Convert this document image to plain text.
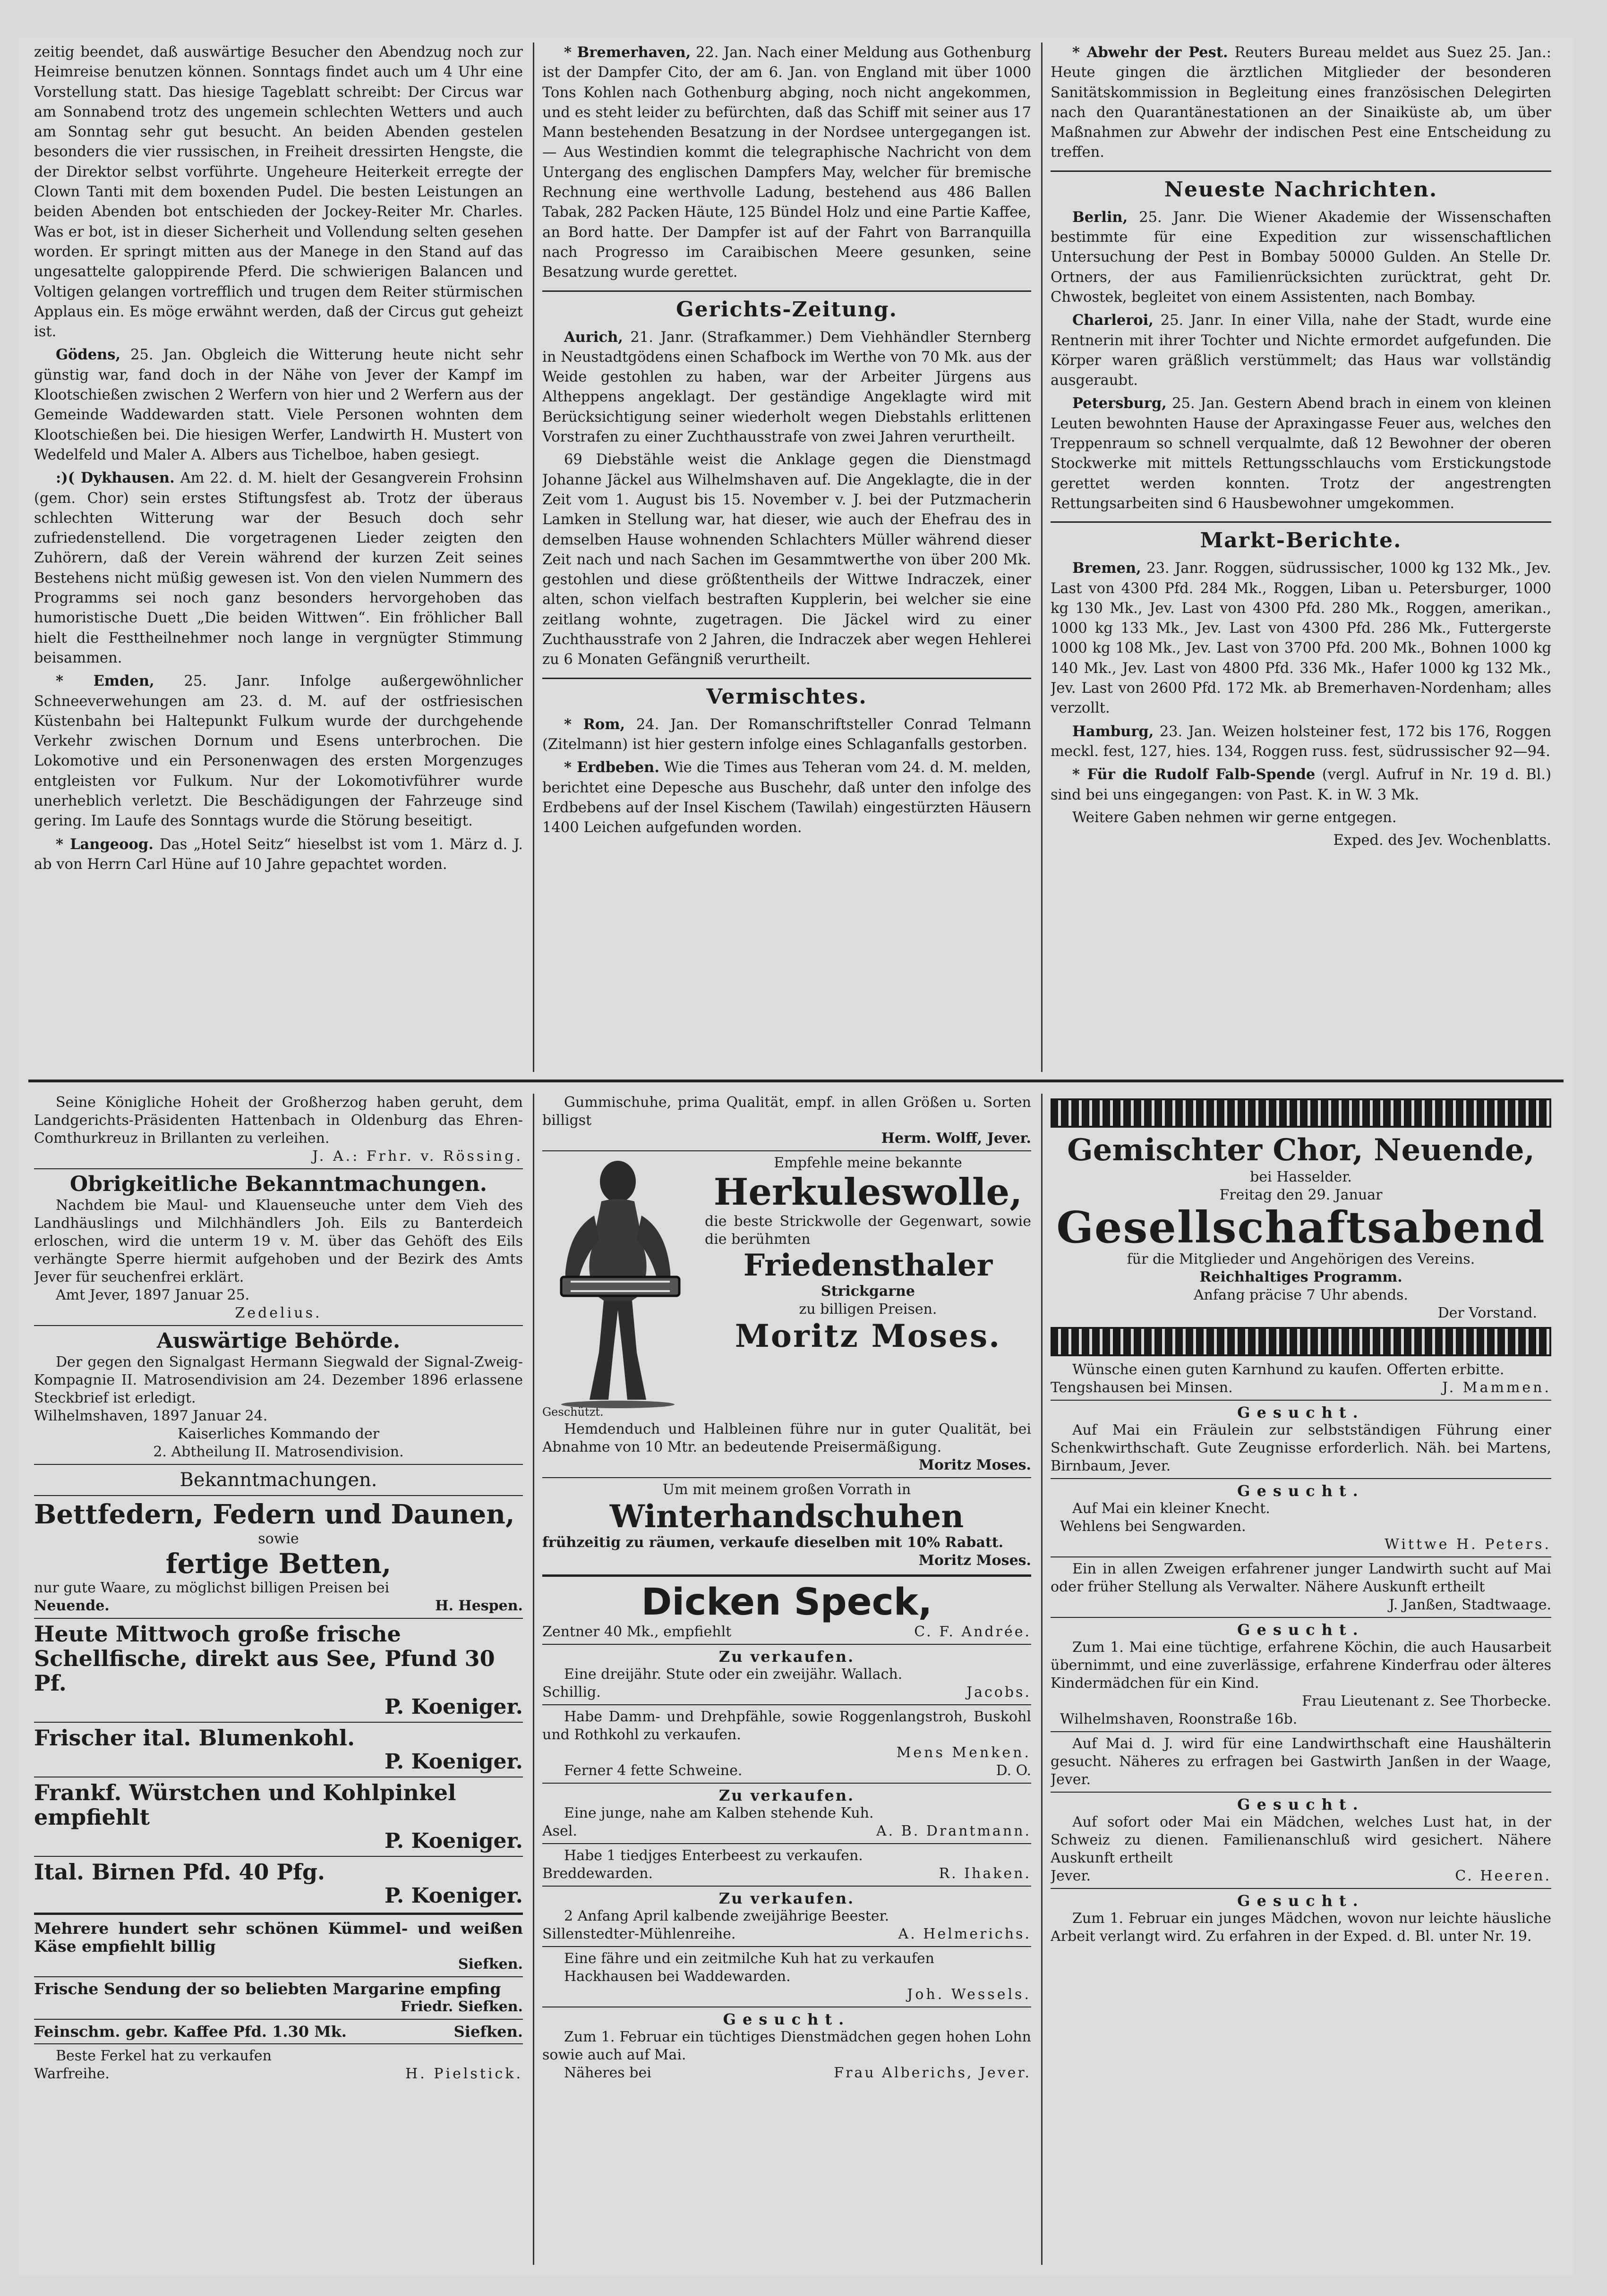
zeitig beendet, daß auswärtige Besucher den Abendzug noch zur Heimreise benutzen können. Sonntags findet auch um 4 Uhr eine Vorstellung statt. Das hiesige Tageblatt schreibt: Der Circus war am Sonnabend trotz des ungemein schlechten Wetters und auch am Sonntag sehr gut besucht. An beiden Abenden gestelen besonders die vier russischen, in Freiheit dressirten Hengste, die der Direktor selbst vorführte. Ungeheure Heiterkeit erregte der Clown Tanti mit dem boxenden Pudel. Die besten Leistungen an beiden Abenden bot entschieden der Jockey-Reiter Mr. Charles. Was er bot, ist in dieser Sicherheit und Vollendung selten gesehen worden. Er springt mitten aus der Manege in den Stand auf das ungesattelte galoppirende Pferd. Die schwierigen Balancen und Voltigen gelangen vortrefflich und trugen dem Reiter stürmischen Applaus ein. Es möge erwähnt werden, daß der Circus gut geheizt ist.

Gödens, 25. Jan. Obgleich die Witterung heute nicht sehr günstig war, fand doch in der Nähe von Jever der Kampf im Klootschießen zwischen 2 Werfern von hier und 2 Werfern aus der Gemeinde Waddewarden statt. Viele Personen wohnten dem Klootschießen bei. Die hiesigen Werfer, Landwirth H. Mustert von Wedelfeld und Maler A. Albers aus Tichelboe, haben gesiegt.

:)( Dykhausen. Am 22. d. M. hielt der Gesangverein Frohsinn (gem. Chor) sein erstes Stiftungsfest ab. Trotz der überaus schlechten Witterung war der Besuch doch sehr zufriedenstellend. Die vorgetragenen Lieder zeigten den Zuhörern, daß der Verein während der kurzen Zeit seines Bestehens nicht müßig gewesen ist. Von den vielen Nummern des Programms sei noch ganz besonders hervorgehoben das humoristische Duett „Die beiden Wittwen“. Ein fröhlicher Ball hielt die Festtheilnehmer noch lange in vergnügter Stimmung beisammen.

* Emden, 25. Janr. Infolge außergewöhnlicher Schneeverwehungen am 23. d. M. auf der ostfriesischen Küstenbahn bei Haltepunkt Fulkum wurde der durchgehende Verkehr zwischen Dornum und Esens unterbrochen. Die Lokomotive und ein Personenwagen des ersten Morgenzuges entgleisten vor Fulkum. Nur der Lokomotivführer wurde unerheblich verletzt. Die Beschädigungen der Fahrzeuge sind gering. Im Laufe des Sonntags wurde die Störung beseitigt.

* Langeoog. Das „Hotel Seitz“ hieselbst ist vom 1. März d. J. ab von Herrn Carl Hüne auf 10 Jahre gepachtet worden.

* Bremerhaven, 22. Jan. Nach einer Meldung aus Gothenburg ist der Dampfer Cito, der am 6. Jan. von England mit über 1000 Tons Kohlen nach Gothenburg abging, noch nicht angekommen, und es steht leider zu befürchten, daß das Schiff mit seiner aus 17 Mann bestehenden Besatzung in der Nordsee untergegangen ist. — Aus Westindien kommt die telegraphische Nachricht von dem Untergang des englischen Dampfers May, welcher für bremische Rechnung eine werthvolle Ladung, bestehend aus 486 Ballen Tabak, 282 Packen Häute, 125 Bündel Holz und eine Partie Kaffee, an Bord hatte. Der Dampfer ist auf der Fahrt von Barranquilla nach Progresso im Caraibischen Meere gesunken, seine Besatzung wurde gerettet.

Gerichts-Zeitung.

Aurich, 21. Janr. (Strafkammer.) Dem Viehhändler Sternberg in Neustadtgödens einen Schafbock im Werthe von 70 Mk. aus der Weide gestohlen zu haben, war der Arbeiter Jürgens aus Altheppens angeklagt. Der geständige Angeklagte wird mit Berücksichtigung seiner wiederholt wegen Diebstahls erlittenen Vorstrafen zu einer Zuchthausstrafe von zwei Jahren verurtheilt.

69 Diebstähle weist die Anklage gegen die Dienstmagd Johanne Jäckel aus Wilhelmshaven auf. Die Angeklagte, die in der Zeit vom 1. August bis 15. November v. J. bei der Putzmacherin Lamken in Stellung war, hat dieser, wie auch der Ehefrau des in demselben Hause wohnenden Schlachters Müller während dieser Zeit nach und nach Sachen im Gesammtwerthe von über 200 Mk. gestohlen und diese größtentheils der Wittwe Indraczek, einer alten, schon vielfach bestraften Kupplerin, bei welcher sie eine zeitlang wohnte, zugetragen. Die Jäckel wird zu einer Zuchthausstrafe von 2 Jahren, die Indraczek aber wegen Hehlerei zu 6 Monaten Gefängniß verurtheilt.

Vermischtes.

* Rom, 24. Jan. Der Romanschriftsteller Conrad Telmann (Zitelmann) ist hier gestern infolge eines Schlaganfalls gestorben.

* Erdbeben. Wie die Times aus Teheran vom 24. d. M. melden, berichtet eine Depesche aus Buschehr, daß unter den infolge des Erdbebens auf der Insel Kischem (Tawilah) eingestürzten Häusern 1400 Leichen aufgefunden worden.

* Abwehr der Pest. Reuters Bureau meldet aus Suez 25. Jan.: Heute gingen die ärztlichen Mitglieder der besonderen Sanitätskommission in Begleitung eines französischen Delegirten nach den Quarantänestationen an der Sinaiküste ab, um über Maßnahmen zur Abwehr der indischen Pest eine Entscheidung zu treffen.

Neueste Nachrichten.

Berlin, 25. Janr. Die Wiener Akademie der Wissenschaften bestimmte für eine Expedition zur wissenschaftlichen Untersuchung der Pest in Bombay 50000 Gulden. An Stelle Dr. Ortners, der aus Familienrücksichten zurücktrat, geht Dr. Chwostek, begleitet von einem Assistenten, nach Bombay.

Charleroi, 25. Janr. In einer Villa, nahe der Stadt, wurde eine Rentnerin mit ihrer Tochter und Nichte ermordet aufgefunden. Die Körper waren gräßlich verstümmelt; das Haus war vollständig ausgeraubt.

Petersburg, 25. Jan. Gestern Abend brach in einem von kleinen Leuten bewohnten Hause der Apraxingasse Feuer aus, welches den Treppenraum so schnell verqualmte, daß 12 Bewohner der oberen Stockwerke mit mittels Rettungsschlauchs vom Erstickungstode gerettet werden konnten. Trotz der angestrengten Rettungsarbeiten sind 6 Hausbewohner umgekommen.

Markt-Berichte.

Bremen, 23. Janr. Roggen, südrussischer, 1000 kg 132 Mk., Jev. Last von 4300 Pfd. 284 Mk., Roggen, Liban u. Petersburger, 1000 kg 130 Mk., Jev. Last von 4300 Pfd. 280 Mk., Roggen, amerikan., 1000 kg 133 Mk., Jev. Last von 4300 Pfd. 286 Mk., Futtergerste 1000 kg 108 Mk., Jev. Last von 3700 Pfd. 200 Mk., Bohnen 1000 kg 140 Mk., Jev. Last von 4800 Pfd. 336 Mk., Hafer 1000 kg 132 Mk., Jev. Last von 2600 Pfd. 172 Mk. ab Bremerhaven-Nordenham; alles verzollt.

Hamburg, 23. Jan. Weizen holsteiner fest, 172 bis 176, Roggen meckl. fest, 127, hies. 134, Roggen russ. fest, südrussischer 92—94.

* Für die Rudolf Falb-Spende (vergl. Aufruf in Nr. 19 d. Bl.) sind bei uns eingegangen: von Past. K. in W. 3 Mk.

Weitere Gaben nehmen wir gerne entgegen.

Exped. des Jev. Wochenblatts.
Seine Königliche Hoheit der Großherzog haben geruht, dem Landgerichts-Präsidenten Hattenbach in Oldenburg das Ehren-Comthurkreuz in Brillanten zu verleihen.
J. A.: Frhr. v. Rössing.
Obrigkeitliche Bekanntmachungen.
Nachdem bie Maul- und Klauenseuche unter dem Vieh des Landhäuslings und Milchhändlers Joh. Eils zu Banterdeich erloschen, wird die unterm 19 v. M. über das Gehöft des Eils verhängte Sperre hiermit aufgehoben und der Bezirk des Amts Jever für seuchenfrei erklärt.
Amt Jever, 1897 Januar 25.
Zedelius.
Auswärtige Behörde.
Der gegen den Signalgast Hermann Siegwald der Signal-Zweig-Kompagnie II. Matrosendivision am 24. Dezember 1896 erlassene Steckbrief ist erledigt.
Wilhelmshaven, 1897 Januar 24.
Kaiserliches Kommando der
2. Abtheilung II. Matrosendivision.
Bekanntmachungen.
Bettfedern, Federn und Daunen,
sowie
fertige Betten,
nur gute Waare, zu möglichst billigen Preisen bei
Neuende.	H. Hespen.
Heute Mittwoch große frische Schellfische, direkt aus See, Pfund 30 Pf.
P. Koeniger.
Frischer ital. Blumenkohl.
P. Koeniger.
Frankf. Würstchen und Kohlpinkel empfiehlt
P. Koeniger.
Ital. Birnen Pfd. 40 Pfg.
P. Koeniger.
Mehrere hundert sehr schönen Kümmel- und weißen Käse empfiehlt billig
Siefken.
Frische Sendung der so beliebten Margarine empfing
Friedr. Siefken.
Feinschm. gebr. Kaffee Pfd. 1.30 Mk.	Siefken.
Beste Ferkel hat zu verkaufen
Warfreihe.	H. Pielstick.
Gummischuhe, prima Qualität, empf. in allen Größen u. Sorten billigst
Herm. Wolff, Jever.
Geschützt.
Empfehle meine bekannte
Herkuleswolle,
die beste Strickwolle der Gegenwart, sowie die berühmten
Friedensthaler
Strickgarne
zu billigen Preisen.
Moritz Moses.
Hemdenduch und Halbleinen führe nur in guter Qualität, bei Abnahme von 10 Mtr. an bedeutende Preisermäßigung.
Moritz Moses.
Um mit meinem großen Vorrath in
Winterhandschuhen
frühzeitig zu räumen, verkaufe dieselben mit 10% Rabatt.
Moritz Moses.
Dicken Speck,
Zentner 40 Mk., empfiehlt	C. F. Andrée.
Zu verkaufen.
Eine dreijähr. Stute oder ein zweijähr. Wallach.
Schillig.	Jacobs.
Habe Damm- und Drehpfähle, sowie Roggenlangstroh, Buskohl und Rothkohl zu verkaufen.
Mens Menken.
Ferner 4 fette Schweine.	D. O.
Zu verkaufen.
Eine junge, nahe am Kalben stehende Kuh.
Asel.	A. B. Drantmann.
Habe 1 tiedjges Enterbeest zu verkaufen.
Breddewarden.	R. Ihaken.
Zu verkaufen.
2 Anfang April kalbende zweijährige Beester.
Sillenstedter-Mühlenreihe.	A. Helmerichs.
Eine fähre und ein zeitmilche Kuh hat zu verkaufen
Hackhausen bei Waddewarden.
Joh. Wessels.
Gesucht.
Zum 1. Februar ein tüchtiges Dienstmädchen gegen hohen Lohn sowie auch auf Mai.
Näheres bei	Frau Alberichs, Jever.
Gemischter Chor, Neuende,
bei Hasselder.
Freitag den 29. Januar
Gesellschaftsabend
für die Mitglieder und Angehörigen des Vereins.
Reichhaltiges Programm.
Anfang präcise 7 Uhr abends.
Der Vorstand.
Wünsche einen guten Karnhund zu kaufen. Offerten erbitte.
Tengshausen bei Minsen.	J. Mammen.
Gesucht.
Auf Mai ein Fräulein zur selbstständigen Führung einer Schenkwirthschaft. Gute Zeugnisse erforderlich. Näh. bei Martens, Birnbaum, Jever.
Gesucht.
Auf Mai ein kleiner Knecht.
Wehlens bei Sengwarden.
Wittwe H. Peters.
Ein in allen Zweigen erfahrener junger Landwirth sucht auf Mai oder früher Stellung als Verwalter. Nähere Auskunft ertheilt
J. Janßen, Stadtwaage.
Gesucht.
Zum 1. Mai eine tüchtige, erfahrene Köchin, die auch Hausarbeit übernimmt, und eine zuverlässige, erfahrene Kinderfrau oder älteres Kindermädchen für ein Kind.
Frau Lieutenant z. See Thorbecke.
Wilhelmshaven, Roonstraße 16b.
Auf Mai d. J. wird für eine Landwirthschaft eine Haushälterin gesucht. Näheres zu erfragen bei Gastwirth Janßen in der Waage, Jever.
Gesucht.
Auf sofort oder Mai ein Mädchen, welches Lust hat, in der Schweiz zu dienen. Familienanschluß wird gesichert. Nähere Auskunft ertheilt
Jever.	C. Heeren.
Gesucht.
Zum 1. Februar ein junges Mädchen, wovon nur leichte häusliche Arbeit verlangt wird. Zu erfahren in der Exped. d. Bl. unter Nr. 19.
